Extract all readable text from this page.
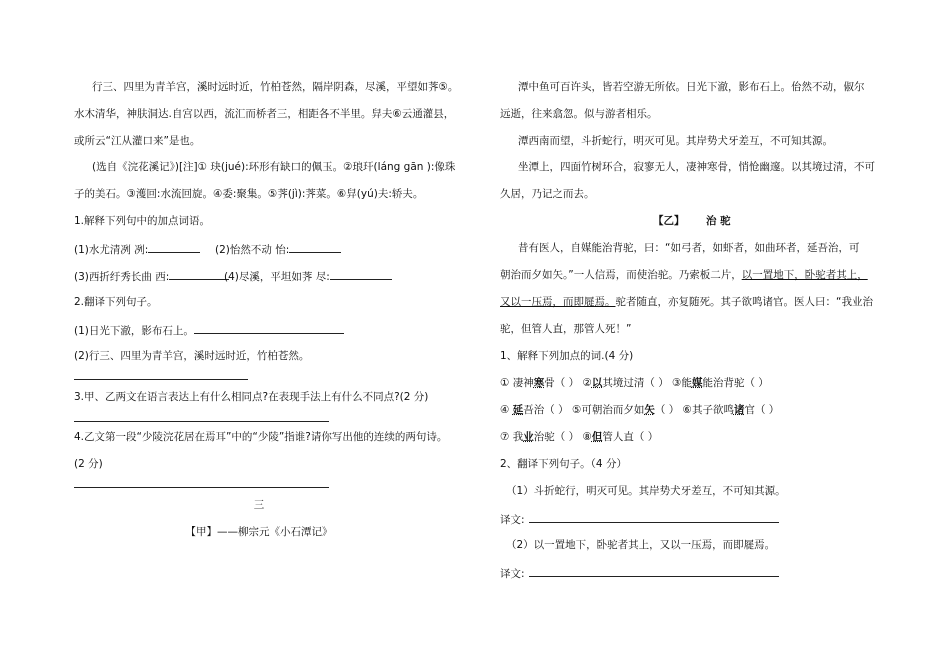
行三、四里为青羊宫，溪时远时近，竹柏苍然，隔岸阴森，尽溪，平望如荠⑤。
水木清华，神肤洞达.自宫以西，流汇而桥者三，相距各不半里。舁夫⑥云通灌县，
或所云“江从灌口来”是也。
(选自《浣花溪记》)[注]① 玦(jué):环形有缺口的佩玉。②琅玕(láng gān ):像珠
子的美石。③濩回:水流回旋。④委:聚集。⑤荠(jì):荠菜。⑥舁(yú)夫:轿夫。
1.解释下列句中的加点词语。
(1)水尤清冽 冽:	(2)怡然不动 怡:
(3)西折纡秀长曲 西:	(4)尽溪，平坦如荠 尽:
2.翻译下列句子。
(1)日光下澈，影布石上。
(2)行三、四里为青羊宫，溪时远时近，竹柏苍然。
3.甲、乙两文在语言表达上有什么相同点?在表现手法上有什么不同点?(2 分)
4.乙文第一段“少陵浣花居在焉耳”中的“少陵”指谁?请你写出他的连续的两句诗。
(2 分)
三
【甲】——柳宗元《小石潭记》
潭中鱼可百许头，皆若空游无所依。日光下澈，影布石上。佁然不动，俶尔
远逝，往来翕忽。似与游者相乐。
潭西南而望，斗折蛇行，明灭可见。其岸势犬牙差互，不可知其源。
坐潭上，四面竹树环合，寂寥无人，凄神寒骨，悄怆幽邃。以其境过清，不可
久居，乃记之而去。
【乙】 治 驼
昔有医人，自媒能治背驼，曰：“如弓者，如虾者，如曲环者，延吾治，可
朝治而夕如矢。”一人信焉，而使治驼。乃索板二片，以一置地下，卧驼者其上，
又以一压焉，而即屣焉。驼者随直，亦复随死。其子欲鸣诸官。医人曰：“我业治
驼，但管人直，那管人死！”
1、解释下列加点的词.(4 分)
① 凄神寒骨（ ） ②以其境过清（ ） ③能媒能治背驼（ ）
④ 延吾治（ ） ⑤可朝治而夕如矢（ ） ⑥其子欲鸣诸官（ ）
⑦ 我业治驼（ ） ⑧但管人直（ ）
2、翻译下列句子。（4 分）
（1）斗折蛇行，明灭可见。其岸势犬牙差互，不可知其源。
译文:
（2）以一置地下，卧驼者其上，又以一压焉，而即屣焉。
译文:
